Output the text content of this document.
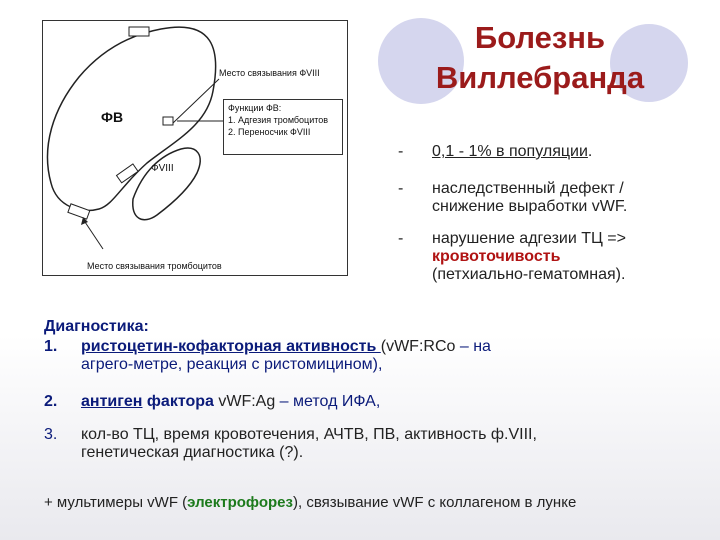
Болезнь
Виллебранда
Место связывания ФVIII
ФВ
ФVIII
Место связывания тромбоцитов
Функции ФВ:
1. Адгезия тромбоцитов
2. Переносчик ФVIII
- 0,1 - 1% в популяции.
- наследственный дефект /
снижение выработки vWF.
- нарушение адгезии ТЦ =>
кровоточивость
(петхиально-гематомная).
Диагностика:
1. ристоцетин-кофакторная активность (vWF:RCo – на
агрего-метре, реакция с ристомицином),
2. антиген фактора vWF:Ag – метод ИФА,
3. кол-во ТЦ, время кровотечения, АЧТВ, ПВ, активность ф.VIII,
генетическая диагностика (?).
+ мультимеры vWF (электрофорез), связывание vWF с коллагеном в лунке
